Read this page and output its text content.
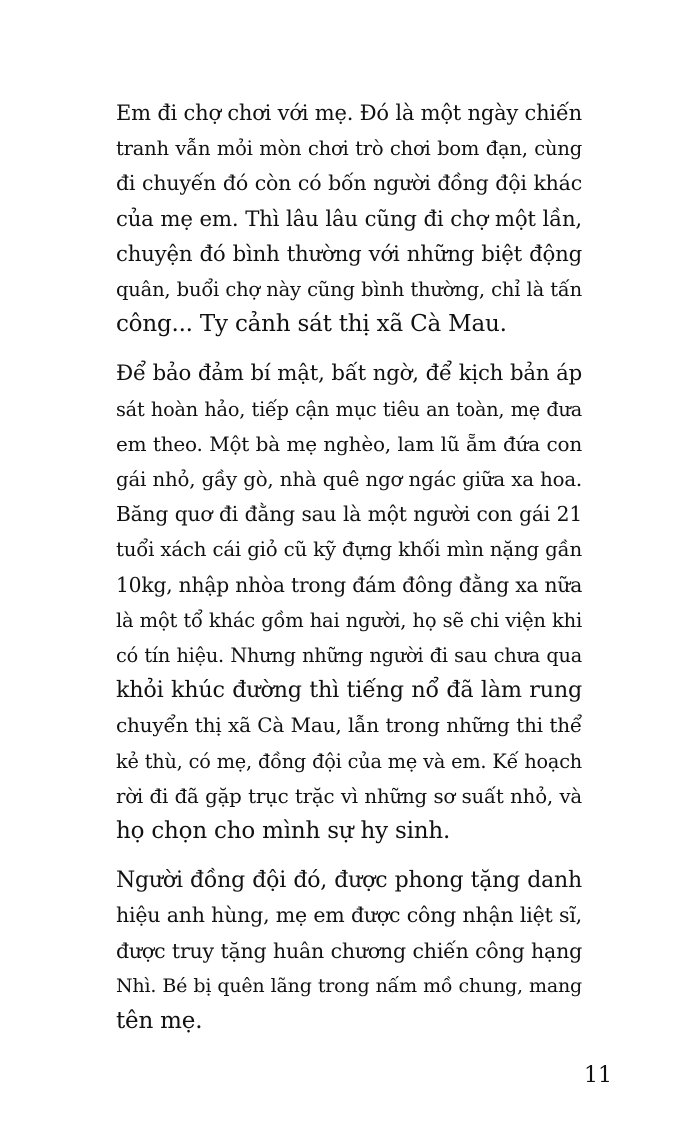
Em đi chợ chơi với mẹ. Đó là một ngày chiến
tranh vẫn mỏi mòn chơi trò chơi bom đạn, cùng
đi chuyến đó còn có bốn người đồng đội khác
của mẹ em. Thì lâu lâu cũng đi chợ một lần,
chuyện đó bình thường với những biệt động
quân, buổi chợ này cũng bình thường, chỉ là tấn
công... Ty cảnh sát thị xã Cà Mau.

Để bảo đảm bí mật, bất ngờ, để kịch bản áp
sát hoàn hảo, tiếp cận mục tiêu an toàn, mẹ đưa
em theo. Một bà mẹ nghèo, lam lũ ẵm đứa con
gái nhỏ, gầy gò, nhà quê ngơ ngác giữa xa hoa.
Băng quơ đi đằng sau là một người con gái 21
tuổi xách cái giỏ cũ kỹ đựng khối mìn nặng gần
10kg, nhập nhòa trong đám đông đằng xa nữa
là một tổ khác gồm hai người, họ sẽ chi viện khi
có tín hiệu. Nhưng những người đi sau chưa qua
khỏi khúc đường thì tiếng nổ đã làm rung
chuyển thị xã Cà Mau, lẫn trong những thi thể
kẻ thù, có mẹ, đồng đội của mẹ và em. Kế hoạch
rời đi đã gặp trục trặc vì những sơ suất nhỏ, và
họ chọn cho mình sự hy sinh.

Người đồng đội đó, được phong tặng danh
hiệu anh hùng, mẹ em được công nhận liệt sĩ,
được truy tặng huân chương chiến công hạng
Nhì. Bé bị quên lãng trong nấm mồ chung, mang
tên mẹ.

11
